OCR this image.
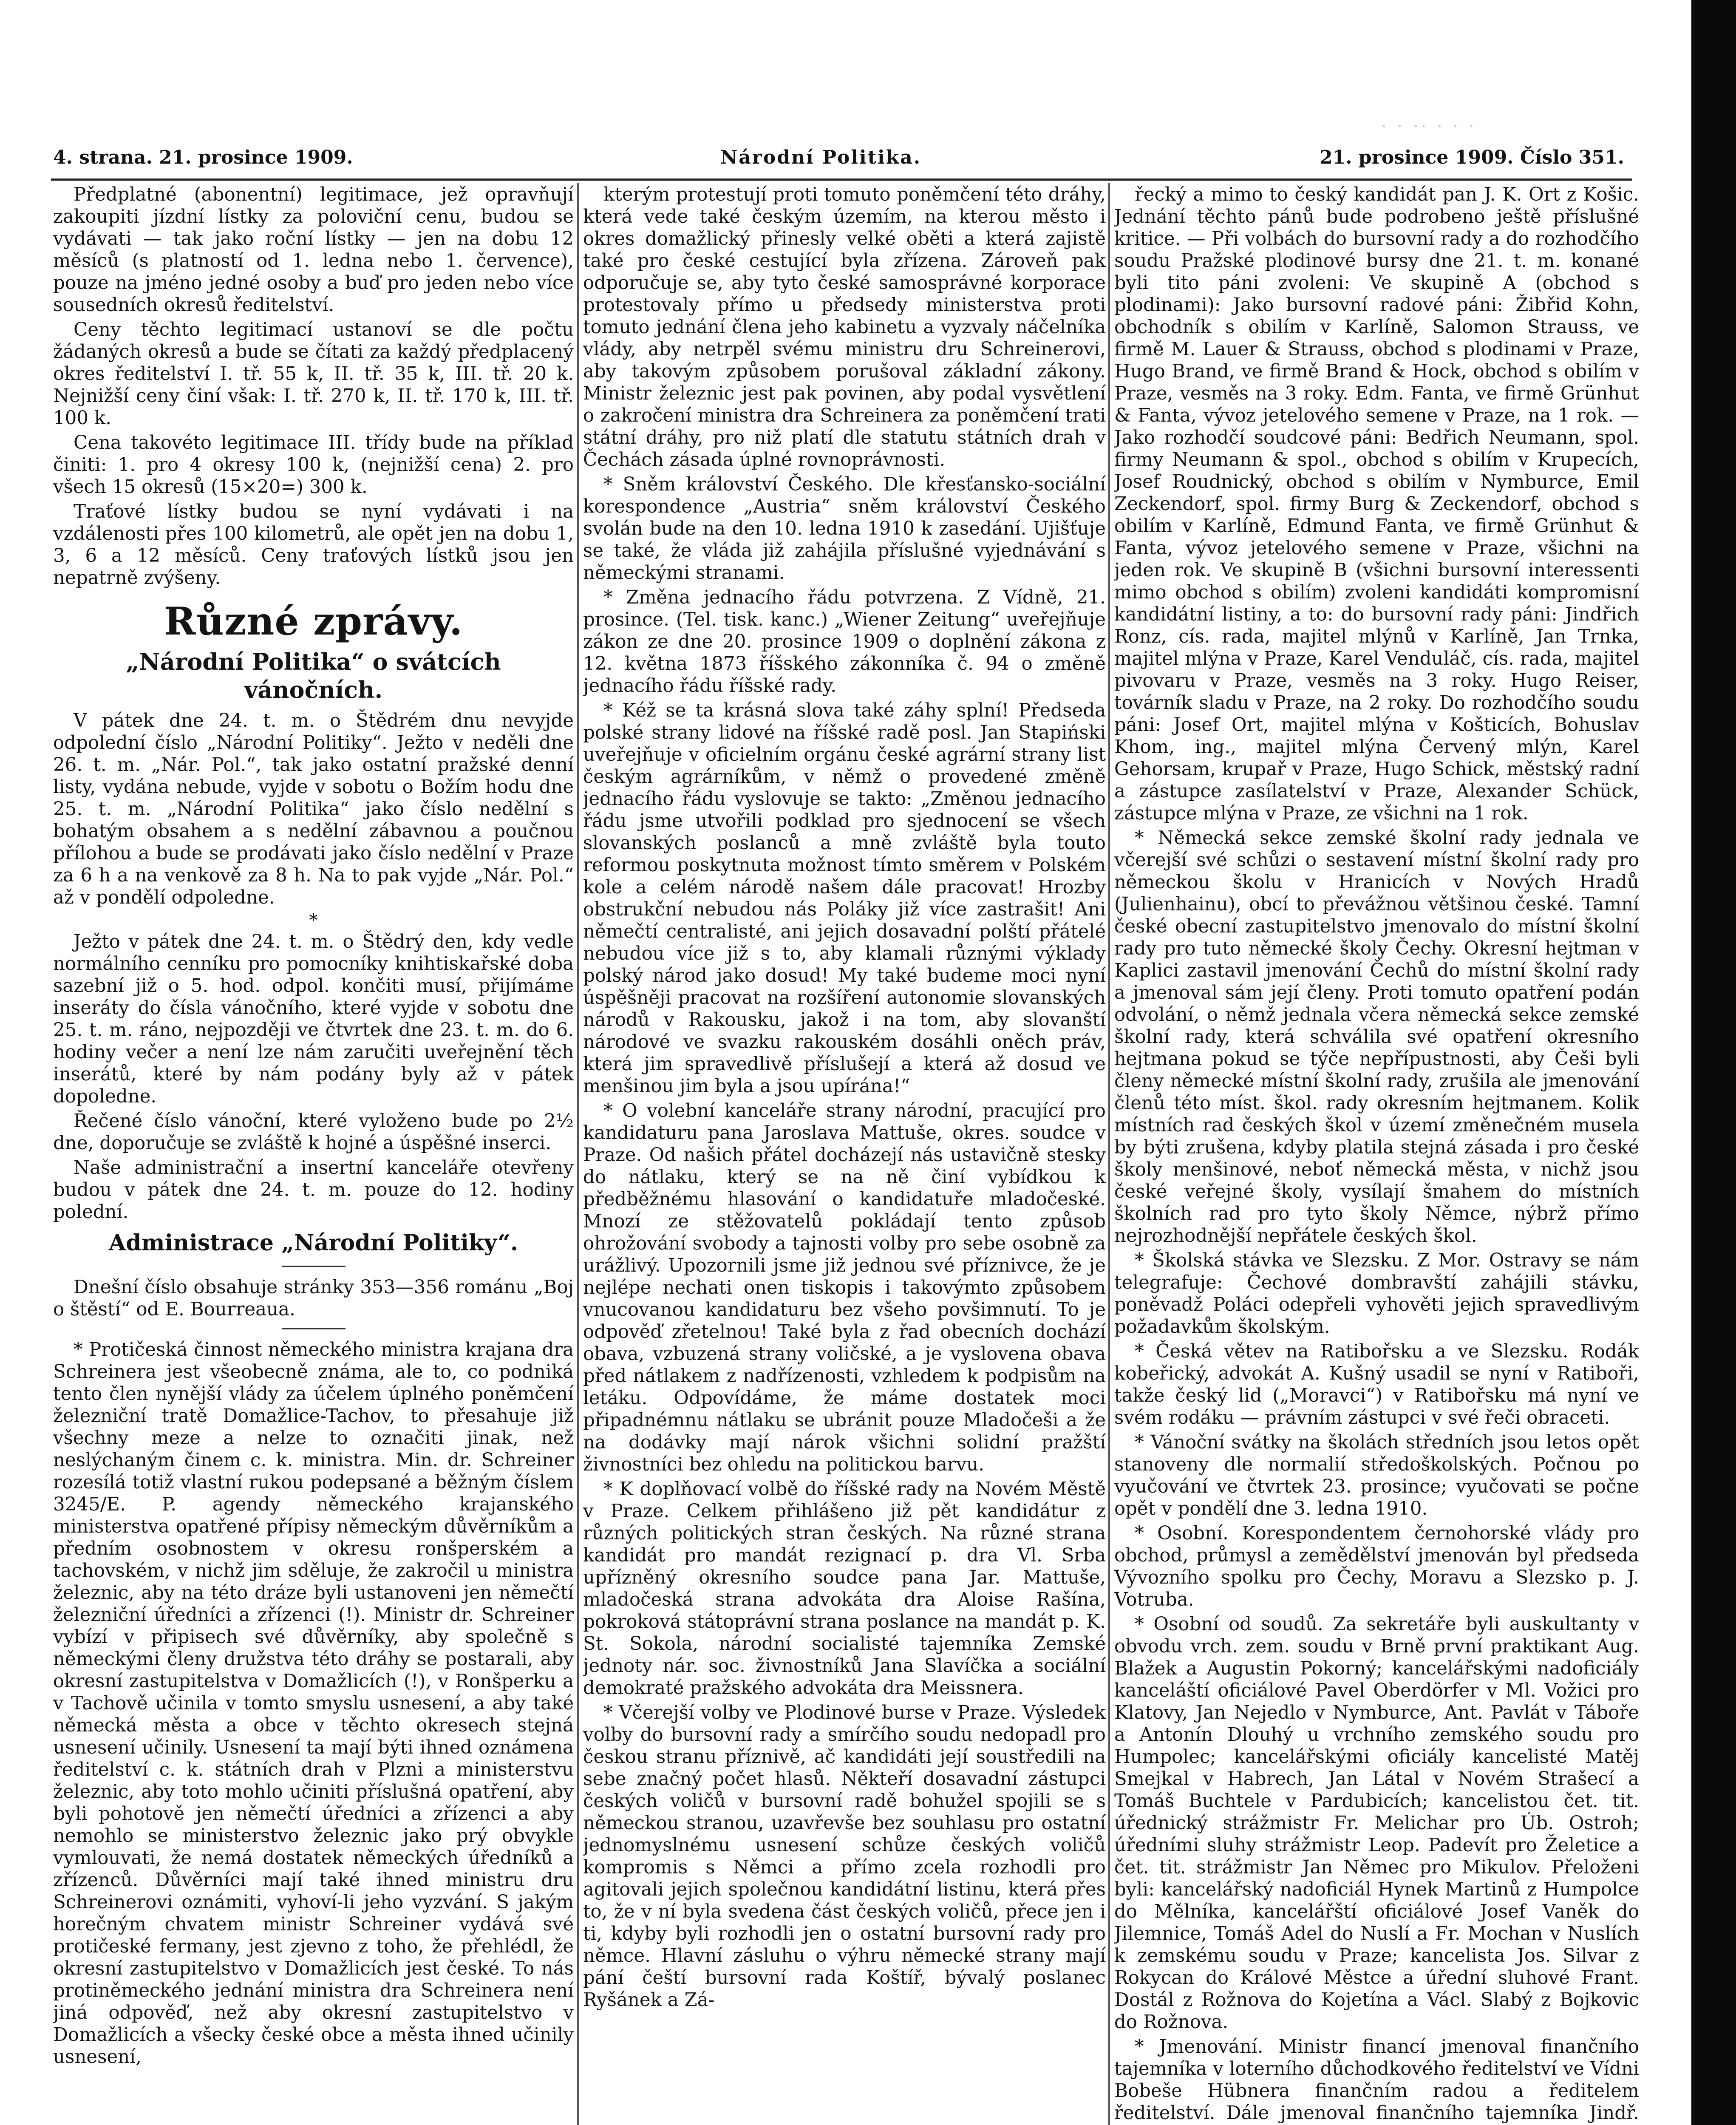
· · ·· · · ·
4. strana. 21. prosince 1909.	Národní Politika.	21. prosince 1909. Číslo 351.

Předplatné (abonentní) legitimace, jež opravňují zakoupiti jízdní lístky za poloviční cenu, budou se vydávati — tak jako roční lístky — jen na dobu 12 měsíců (s platností od 1. ledna nebo 1. července), pouze na jméno jedné osoby a buď pro jeden nebo více sousedních okresů ředitelství.

Ceny těchto legitimací ustanoví se dle počtu žádaných okresů a bude se čítati za každý předplacený okres ředitelství I. tř. 55 k, II. tř. 35 k, III. tř. 20 k. Nejnižší ceny činí však: I. tř. 270 k, II. tř. 170 k, III. tř. 100 k.

Cena takovéto legitimace III. třídy bude na příklad činiti: 1. pro 4 okresy 100 k, (nejnižší cena) 2. pro všech 15 okresů (15×20=) 300 k.

Traťové lístky budou se nyní vydávati i na vzdálenosti přes 100 kilometrů, ale opět jen na dobu 1, 3, 6 a 12 měsíců. Ceny traťových lístků jsou jen nepatrně zvýšeny.

Různé zprávy.
„Národní Politika“ o svátcích vánočních.

V pátek dne 24. t. m. o Štědrém dnu nevyjde odpolední číslo „Národní Politiky“. Ježto v neděli dne 26. t. m. „Nár. Pol.“, tak jako ostatní pražské denní listy, vydána nebude, vyjde v sobotu o Božím hodu dne 25. t. m. „Národní Politika“ jako číslo nedělní s bohatým obsahem a s nedělní zábavnou a poučnou přílohou a bude se prodávati jako číslo nedělní v Praze za 6 h a na venkově za 8 h. Na to pak vyjde „Nár. Pol.“ až v pondělí odpoledne.

*

Ježto v pátek dne 24. t. m. o Štědrý den, kdy vedle normálního cenníku pro pomocníky knihtiskařské doba sazební již o 5. hod. odpol. končiti musí, přijímáme inseráty do čísla vánočního, které vyjde v sobotu dne 25. t. m. ráno, nejpozději ve čtvrtek dne 23. t. m. do 6. hodiny večer a není lze nám zaručiti uveřejnění těch inserátů, které by nám podány byly až v pátek dopoledne.

Řečené číslo vánoční, které vyloženo bude po 2½ dne, doporučuje se zvláště k hojné a úspěšné inserci.

Naše administrační a insertní kanceláře otevřeny budou v pátek dne 24. t. m. pouze do 12. hodiny polední.

Administrace „Národní Politiky“.

Dnešní číslo obsahuje stránky 353—356 románu „Boj o štěstí“ od E. Bourreaua.

* Protičeská činnost německého ministra krajana dra Schreinera jest všeobecně známa, ale to, co podniká tento člen nynější vlády za účelem úplného poněmčení železniční tratě Domažlice-Tachov, to přesahuje již všechny meze a nelze to označiti jinak, než neslýchaným činem c. k. ministra. Min. dr. Schreiner rozesílá totiž vlastní rukou podepsané a běžným číslem 3245/E. P. agendy německého krajanského ministerstva opatřené přípisy německým důvěrníkům a předním osobnostem v okresu ronšperském a tachovském, v nichž jim sděluje, že zakročil u ministra železnic, aby na této dráze byli ustanoveni jen němečtí železniční úředníci a zřízenci (!). Ministr dr. Schreiner vybízí v připisech své důvěrníky, aby společně s německými členy družstva této dráhy se postarali, aby okresní zastupitelstva v Domažlicích (!), v Ronšperku a v Tachově učinila v tomto smyslu usnesení, a aby také německá města a obce v těchto okresech stejná usnesení učinily. Usnesení ta mají býti ihned oznámena ředitelství c. k. státních drah v Plzni a ministerstvu železnic, aby toto mohlo učiniti příslušná opatření, aby byli pohotově jen němečtí úředníci a zřízenci a aby nemohlo se ministerstvo železnic jako prý obvykle vymlouvati, že nemá dostatek německých úředníků a zřízenců. Důvěrníci mají také ihned ministru dru Schreinerovi oznámiti, vyhoví-li jeho vyzvání. S jakým horečným chvatem ministr Schreiner vydává své protičeské fermany, jest zjevno z toho, že přehlédl, že okresní zastupitelstvo v Domažlicích jest české. To nás protiněmeckého jednání ministra dra Schreinera není jiná odpověď, než aby okresní zastupitelstvo v Domažlicích a všecky české obce a města ihned učinily usnesení,

kterým protestují proti tomuto poněmčení této dráhy, která vede také českým územím, na kterou město i okres domažlický přinesly velké oběti a která zajistě také pro české cestující byla zřízena. Zároveň pak odporučuje se, aby tyto české samosprávné korporace protestovaly přímo u předsedy ministerstva proti tomuto jednání člena jeho kabinetu a vyzvaly náčelníka vlády, aby netrpěl svému ministru dru Schreinerovi, aby takovým způsobem porušoval základní zákony. Ministr železnic jest pak povinen, aby podal vysvětlení o zakročení ministra dra Schreinera za poněmčení trati státní dráhy, pro niž platí dle statutu státních drah v Čechách zásada úplné rovnoprávnosti.

* Sněm království Českého. Dle křesťansko-sociální korespondence „Austria“ sněm království Českého svolán bude na den 10. ledna 1910 k zasedání. Ujišťuje se také, že vláda již zahájila příslušné vyjednávání s německými stranami.

* Změna jednacího řádu potvrzena. Z Vídně, 21. prosince. (Tel. tisk. kanc.) „Wiener Zeitung“ uveřejňuje zákon ze dne 20. prosince 1909 o doplnění zákona z 12. května 1873 říšského zákonníka č. 94 o změně jednacího řádu říšské rady.

* Kéž se ta krásná slova také záhy splní! Předseda polské strany lidové na říšské radě posl. Jan Stapiński uveřejňuje v oficielním orgánu české agrární strany list českým agrárníkům, v němž o provedené změně jednacího řádu vyslovuje se takto: „Změnou jednacího řádu jsme utvořili podklad pro sjednocení se všech slovanských poslanců a mně zvláště byla touto reformou poskytnuta možnost tímto směrem v Polském kole a celém národě našem dále pracovat! Hrozby obstrukční nebudou nás Poláky již více zastrašit! Ani němečtí centralisté, ani jejich dosavadní polští přátelé nebudou více již s to, aby klamali různými výklady polský národ jako dosud! My také budeme moci nyní úspěšněji pracovat na rozšíření autonomie slovanských národů v Rakousku, jakož i na tom, aby slovanští národové ve svazku rakouském dosáhli oněch práv, která jim spravedlivě příslušejí a která až dosud ve menšinou jim byla a jsou upírána!“

* O volební kanceláře strany národní, pracující pro kandidaturu pana Jaroslava Mattuše, okres. soudce v Praze. Od našich přátel docházejí nás ustavičně stesky do nátlaku, který se na ně činí vybídkou k předběžnému hlasování o kandidatuře mladočeské. Mnozí ze stěžovatelů pokládají tento způsob ohrožování svobody a tajnosti volby pro sebe osobně za urážlivý. Upozornili jsme již jednou své příznivce, že je nejlépe nechati onen tiskopis i takovýmto způsobem vnucovanou kandidaturu bez všeho povšimnutí. To je odpověď zřetelnou! Také byla z řad obecních dochází obava, vzbuzená strany voličské, a je vyslovena obava před nátlakem z nadřízenosti, vzhledem k podpisům na letáku. Odpovídáme, že máme dostatek moci připadnémnu nátlaku se ubránit pouze Mladočeši a že na dodávky mají nárok všichni solidní pražští živnostníci bez ohledu na politickou barvu.

* K doplňovací volbě do říšské rady na Novém Městě v Praze. Celkem přihlášeno již pět kandidátur z různých politických stran českých. Na různé strana kandidát pro mandát rezignací p. dra Vl. Srba upřízněný okresního soudce pana Jar. Mattuše, mladočeská strana advokáta dra Aloise Rašína, pokroková státoprávní strana poslance na mandát p. K. St. Sokola, národní socialisté tajemníka Zemské jednoty nár. soc. živnostníků Jana Slavíčka a sociální demokraté pražského advokáta dra Meissnera.

* Včerejší volby ve Plodinové burse v Praze. Výsledek volby do bursovní rady a smírčího soudu nedopadl pro českou stranu příznivě, ač kandidáti její soustředili na sebe značný počet hlasů. Někteří dosavadní zástupci českých voličů v bursovní radě bohužel spojili se s německou stranou, uzavřevše bez souhlasu pro ostatní jednomyslnému usnesení schůze českých voličů kompromis s Němci a přímo zcela rozhodli pro agitovali jejich společnou kandidátní listinu, která přes to, že v ní byla svedena část českých voličů, přece jen i ti, kdyby byli rozhodli jen o ostatní bursovní rady pro němce. Hlavní zásluhu o výhru německé strany mají pání čeští bursovní rada Koštíř, bývalý poslanec Ryšánek a Zá-

řecký a mimo to český kandidát pan J. K. Ort z Košic. Jednání těchto pánů bude podrobeno ještě příslušné kritice. — Při volbách do bursovní rady a do rozhodčího soudu Pražské plodinové bursy dne 21. t. m. konané byli tito páni zvoleni: Ve skupině A (obchod s plodinami): Jako bursovní radové páni: Žibřid Kohn, obchodník s obilím v Karlíně, Salomon Strauss, ve firmě M. Lauer & Strauss, obchod s plodinami v Praze, Hugo Brand, ve firmě Brand & Hock, obchod s obilím v Praze, vesměs na 3 roky. Edm. Fanta, ve firmě Grünhut & Fanta, vývoz jetelového semene v Praze, na 1 rok. — Jako rozhodčí soudcové páni: Bedřich Neumann, spol. firmy Neumann & spol., obchod s obilím v Krupecích, Josef Roudnický, obchod s obilím v Nymburce, Emil Zeckendorf, spol. firmy Burg & Zeckendorf, obchod s obilím v Karlíně, Edmund Fanta, ve firmě Grünhut & Fanta, vývoz jetelového semene v Praze, všichni na jeden rok. Ve skupině B (všichni bursovní interessenti mimo obchod s obilím) zvoleni kandidáti kompromisní kandidátní listiny, a to: do bursovní rady páni: Jindřich Ronz, cís. rada, majitel mlýnů v Karlíně, Jan Trnka, majitel mlýna v Praze, Karel Venduláč, cís. rada, majitel pivovaru v Praze, vesměs na 3 roky. Hugo Reiser, továrník sladu v Praze, na 2 roky. Do rozhodčího soudu páni: Josef Ort, majitel mlýna v Košticích, Bohuslav Khom, ing., majitel mlýna Červený mlýn, Karel Gehorsam, krupař v Praze, Hugo Schick, městský radní a zástupce zasílatelství v Praze, Alexander Schück, zástupce mlýna v Praze, ze všichni na 1 rok.

* Německá sekce zemské školní rady jednala ve včerejší své schůzi o sestavení místní školní rady pro německou školu v Hranicích v Nových Hradů (Julienhainu), obcí to převážnou většinou české. Tamní české obecní zastupitelstvo jmenovalo do místní školní rady pro tuto německé školy Čechy. Okresní hejtman v Kaplici zastavil jmenování Čechů do místní školní rady a jmenoval sám její členy. Proti tomuto opatření podán odvolání, o němž jednala včera německá sekce zemské školní rady, která schválila své opatření okresního hejtmana pokud se týče nepřípustnosti, aby Češi byli členy německé místní školní rady, zrušila ale jmenování členů této míst. škol. rady okresním hejtmanem. Kolik místních rad českých škol v území změnečném musela by býti zrušena, kdyby platila stejná zásada i pro české školy menšinové, neboť německá města, v nichž jsou české veřejné školy, vysílají šmahem do místních školních rad pro tyto školy Němce, nýbrž přímo nejrozhodnější nepřátele českých škol.

* Školská stávka ve Slezsku. Z Mor. Ostravy se nám telegrafuje: Čechové dombravští zahájili stávku, poněvadž Poláci odepřeli vyhověti jejich spravedlivým požadavkům školským.

* Česká větev na Ratibořsku a ve Slezsku. Rodák kobeřický, advokát A. Kušný usadil se nyní v Ratiboři, takže český lid („Moravci“) v Ratibořsku má nyní ve svém rodáku — právním zástupci v své řeči obraceti.

* Vánoční svátky na školách středních jsou letos opět stanoveny dle normalií středoškolských. Počnou po vyučování ve čtvrtek 23. prosince; vyučovati se počne opět v pondělí dne 3. ledna 1910.

* Osobní. Korespondentem černohorské vlády pro obchod, průmysl a zemědělství jmenován byl předseda Vývozního spolku pro Čechy, Moravu a Slezsko p. J. Votruba.

* Osobní od soudů. Za sekretáře byli auskultanty v obvodu vrch. zem. soudu v Brně první praktikant Aug. Blažek a Augustin Pokorný; kancelářskými nadoficiály kanceláští oficiálové Pavel Oberdörfer v Ml. Vožici pro Klatovy, Jan Nejedlo v Nymburce, Ant. Pavlát v Táboře a Antonín Dlouhý u vrchního zemského soudu pro Humpolec; kancelářskými oficiály kancelisté Matěj Smejkal v Habrech, Jan Látal v Novém Strašecí a Tomáš Buchtele v Pardubicích; kancelistou čet. tit. úřednický strážmistr Fr. Melichar pro Úb. Ostroh; úředními sluhy strážmistr Leop. Padevít pro Želetice a čet. tit. strážmistr Jan Němec pro Mikulov. Přeloženi byli: kancelářský nadoficiál Hynek Martinů z Humpolce do Mělníka, kancelářští oficiálové Josef Vaněk do Jilemnice, Tomáš Adel do Nuslí a Fr. Mochan v Nuslích k zemskému soudu v Praze; kancelista Jos. Silvar z Rokycan do Králové Městce a úřední sluhové Frant. Dostál z Rožnova do Kojetína a Václ. Slabý z Bojkovic do Rožnova.

* Jmenování. Ministr financí jmenoval finančního tajemníka v loterního důchodkového ředitelství ve Vídni Bobeše Hübnera finančním radou a ředitelem ředitelství. Dále jmenoval finančního tajemníka Jindř.
